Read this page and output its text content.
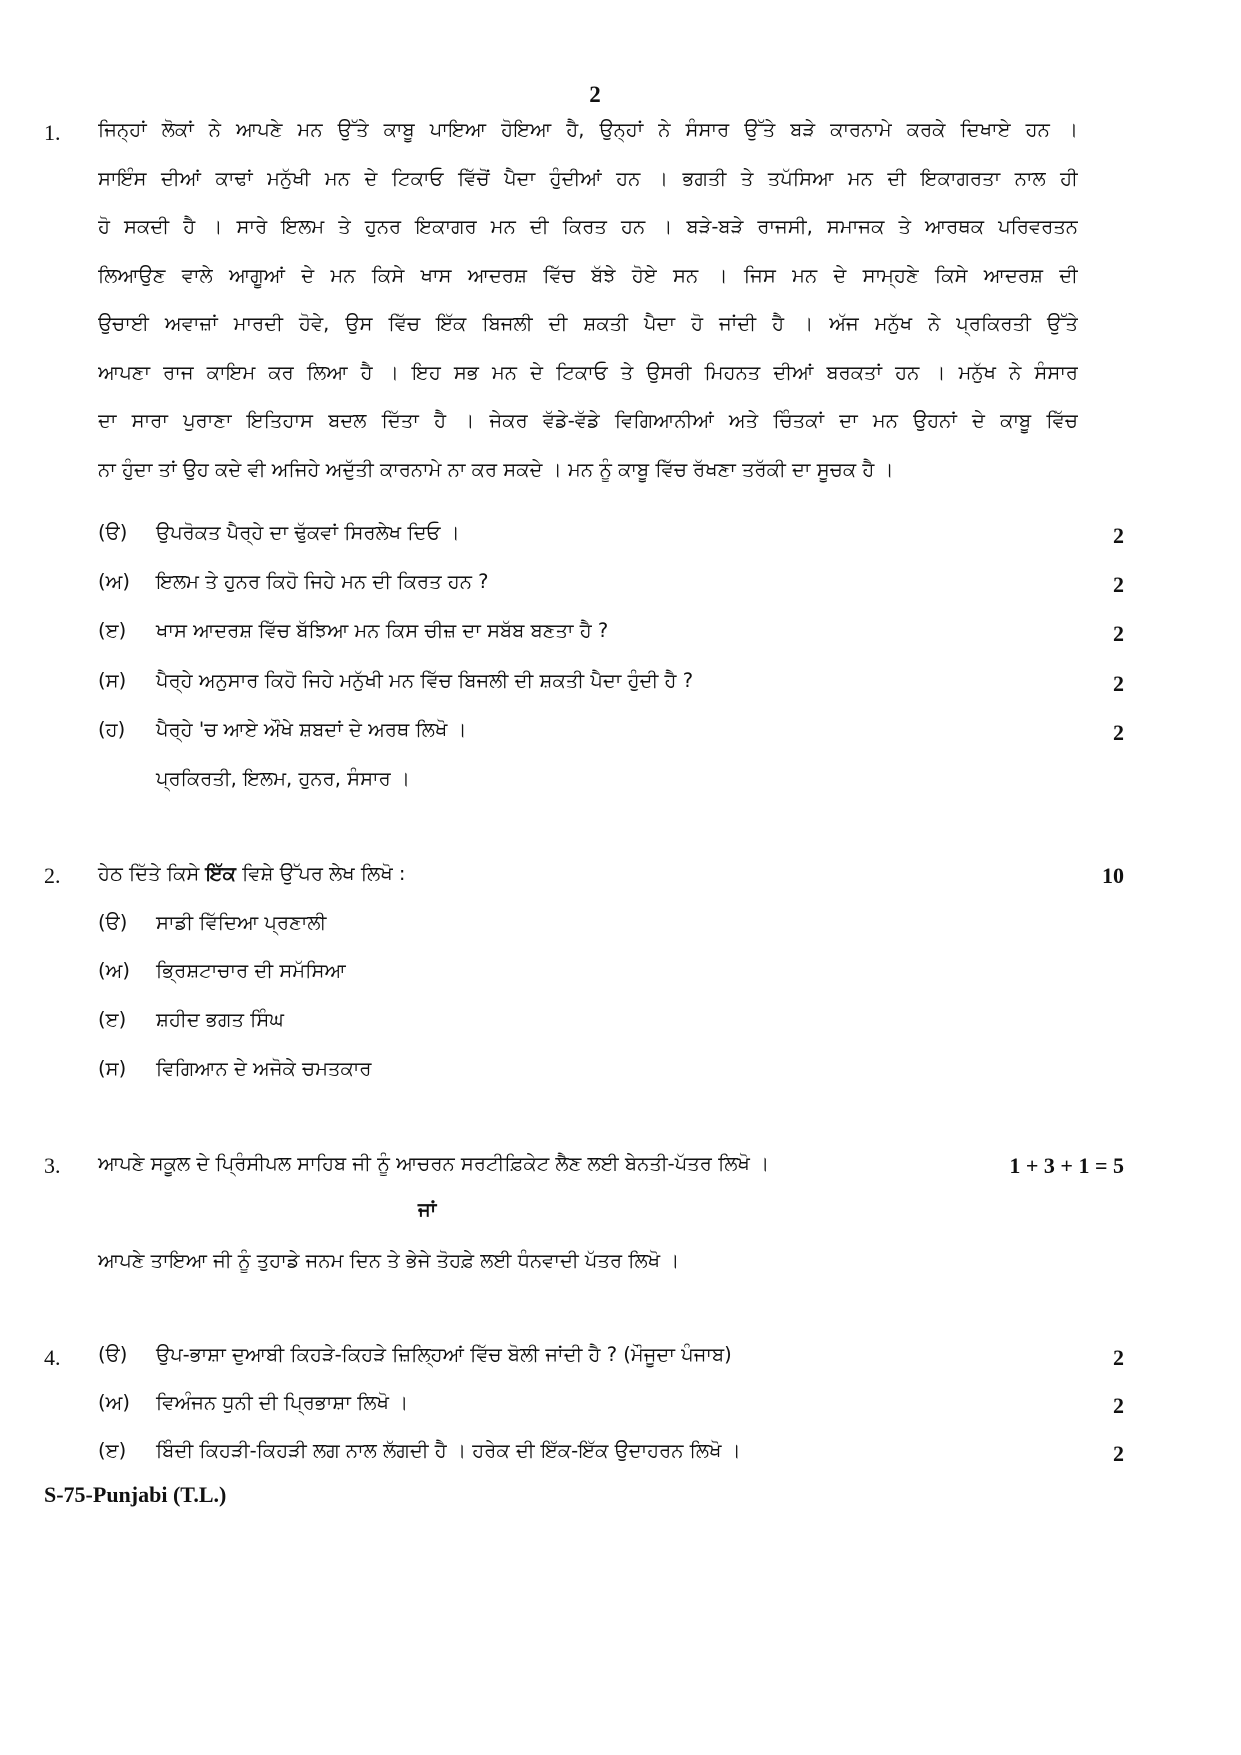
2
1. ਜਿਨ੍ਹਾਂ ਲੋਕਾਂ ਨੇ ਆਪਣੇ ਮਨ ਉੱਤੇ ਕਾਬੂ ਪਾਇਆ ਹੋਇਆ ਹੈ, ਉਨ੍ਹਾਂ ਨੇ ਸੰਸਾਰ ਉੱਤੇ ਬੜੇ ਕਾਰਨਾਮੇ ਕਰਕੇ ਦਿਖਾਏ ਹਨ ।
ਸਾਇੰਸ ਦੀਆਂ ਕਾਢਾਂ ਮਨੁੱਖੀ ਮਨ ਦੇ ਟਿਕਾਓ ਵਿੱਚੋਂ ਪੈਦਾ ਹੁੰਦੀਆਂ ਹਨ । ਭਗਤੀ ਤੇ ਤਪੱਸਿਆ ਮਨ ਦੀ ਇਕਾਗਰਤਾ ਨਾਲ ਹੀ
ਹੋ ਸਕਦੀ ਹੈ । ਸਾਰੇ ਇਲਮ ਤੇ ਹੁਨਰ ਇਕਾਗਰ ਮਨ ਦੀ ਕਿਰਤ ਹਨ । ਬੜੇ-ਬੜੇ ਰਾਜਸੀ, ਸਮਾਜਕ ਤੇ ਆਰਥਕ ਪਰਿਵਰਤਨ
ਲਿਆਉਣ ਵਾਲੇ ਆਗੂਆਂ ਦੇ ਮਨ ਕਿਸੇ ਖਾਸ ਆਦਰਸ਼ ਵਿੱਚ ਬੱਝੇ ਹੋਏ ਸਨ । ਜਿਸ ਮਨ ਦੇ ਸਾਮ੍ਹਣੇ ਕਿਸੇ ਆਦਰਸ਼ ਦੀ
ਉਚਾਈ ਅਵਾਜ਼ਾਂ ਮਾਰਦੀ ਹੋਵੇ, ਉਸ ਵਿੱਚ ਇੱਕ ਬਿਜਲੀ ਦੀ ਸ਼ਕਤੀ ਪੈਦਾ ਹੋ ਜਾਂਦੀ ਹੈ । ਅੱਜ ਮਨੁੱਖ ਨੇ ਪ੍ਰਕਿਰਤੀ ਉੱਤੇ
ਆਪਣਾ ਰਾਜ ਕਾਇਮ ਕਰ ਲਿਆ ਹੈ । ਇਹ ਸਭ ਮਨ ਦੇ ਟਿਕਾਓ ਤੇ ਉਸਰੀ ਮਿਹਨਤ ਦੀਆਂ ਬਰਕਤਾਂ ਹਨ । ਮਨੁੱਖ ਨੇ ਸੰਸਾਰ
ਦਾ ਸਾਰਾ ਪੁਰਾਣਾ ਇਤਿਹਾਸ ਬਦਲ ਦਿੱਤਾ ਹੈ । ਜੇਕਰ ਵੱਡੇ-ਵੱਡੇ ਵਿਗਿਆਨੀਆਂ ਅਤੇ ਚਿੰਤਕਾਂ ਦਾ ਮਨ ਉਹਨਾਂ ਦੇ ਕਾਬੂ ਵਿੱਚ
ਨਾ ਹੁੰਦਾ ਤਾਂ ਉਹ ਕਦੇ ਵੀ ਅਜਿਹੇ ਅਦੁੱਤੀ ਕਾਰਨਾਮੇ ਨਾ ਕਰ ਸਕਦੇ । ਮਨ ਨੂੰ ਕਾਬੂ ਵਿੱਚ ਰੱਖਣਾ ਤਰੱਕੀ ਦਾ ਸੂਚਕ ਹੈ ।
(ੳ) ਉਪਰੋਕਤ ਪੈਰ੍ਹੇ ਦਾ ਢੁੱਕਵਾਂ ਸਿਰਲੇਖ ਦਿਓ ।	2
(ਅ) ਇਲਮ ਤੇ ਹੁਨਰ ਕਿਹੋ ਜਿਹੇ ਮਨ ਦੀ ਕਿਰਤ ਹਨ ?	2
(ੲ) ਖਾਸ ਆਦਰਸ਼ ਵਿੱਚ ਬੱਝਿਆ ਮਨ ਕਿਸ ਚੀਜ਼ ਦਾ ਸਬੱਬ ਬਣਤਾ ਹੈ ?	2
(ਸ) ਪੈਰ੍ਹੇ ਅਨੁਸਾਰ ਕਿਹੋ ਜਿਹੇ ਮਨੁੱਖੀ ਮਨ ਵਿੱਚ ਬਿਜਲੀ ਦੀ ਸ਼ਕਤੀ ਪੈਦਾ ਹੁੰਦੀ ਹੈ ?	2
(ਹ) ਪੈਰ੍ਹੇ 'ਚ ਆਏ ਔਖੇ ਸ਼ਬਦਾਂ ਦੇ ਅਰਥ ਲਿਖੋ ।	2
ਪ੍ਰਕਿਰਤੀ, ਇਲਮ, ਹੁਨਰ, ਸੰਸਾਰ ।
2. ਹੇਠ ਦਿੱਤੇ ਕਿਸੇ ਇੱਕ ਵਿਸ਼ੇ ਉੱਪਰ ਲੇਖ ਲਿਖੋ :	10
(ੳ) ਸਾਡੀ ਵਿੱਦਿਆ ਪ੍ਰਣਾਲੀ
(ਅ) ਭ੍ਰਿਸ਼ਟਾਚਾਰ ਦੀ ਸਮੱਸਿਆ
(ੲ) ਸ਼ਹੀਦ ਭਗਤ ਸਿੰਘ
(ਸ) ਵਿਗਿਆਨ ਦੇ ਅਜੋਕੇ ਚਮਤਕਾਰ
3. ਆਪਣੇ ਸਕੂਲ ਦੇ ਪ੍ਰਿੰਸੀਪਲ ਸਾਹਿਬ ਜੀ ਨੂੰ ਆਚਰਨ ਸਰਟੀਫ਼ਿਕੇਟ ਲੈਣ ਲਈ ਬੇਨਤੀ-ਪੱਤਰ ਲਿਖੋ ।	1 + 3 + 1 = 5
ਜਾਂ
ਆਪਣੇ ਤਾਇਆ ਜੀ ਨੂੰ ਤੁਹਾਡੇ ਜਨਮ ਦਿਨ ਤੇ ਭੇਜੇ ਤੋਹਫ਼ੇ ਲਈ ਧੰਨਵਾਦੀ ਪੱਤਰ ਲਿਖੋ ।
4. (ੳ) ਉਪ-ਭਾਸ਼ਾ ਦੁਆਬੀ ਕਿਹੜੇ-ਕਿਹੜੇ ਜ਼ਿਲ੍ਹਿਆਂ ਵਿੱਚ ਬੋਲੀ ਜਾਂਦੀ ਹੈ ? (ਮੌਜੂਦਾ ਪੰਜਾਬ)	2
(ਅ) ਵਿਅੰਜਨ ਧੁਨੀ ਦੀ ਪ੍ਰਿਭਾਸ਼ਾ ਲਿਖੋ ।	2
(ੲ) ਬਿੰਦੀ ਕਿਹੜੀ-ਕਿਹੜੀ ਲਗ ਨਾਲ ਲੱਗਦੀ ਹੈ । ਹਰੇਕ ਦੀ ਇੱਕ-ਇੱਕ ਉਦਾਹਰਨ ਲਿਖੋ ।	2
S-75-Punjabi (T.L.)
